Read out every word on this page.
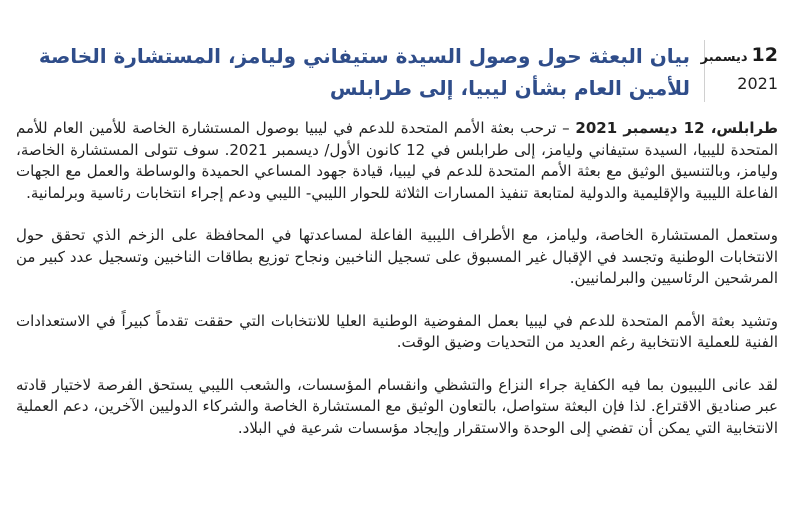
12
ديسمبر
2021
بيان البعثة حول وصول السيدة ستيفاني وليامز، المستشارة الخاصة للأمين العام بشأن ليبيا، إلى طرابلس

طرابلس، 12 ديسمبر 2021 – ترحب بعثة الأمم المتحدة للدعم في ليبيا بوصول المستشارة الخاصة للأمين العام للأمم المتحدة لليبيا، السيدة ستيفاني وليامز، إلى طرابلس في 12 كانون الأول/ ديسمبر 2021. سوف تتولى المستشارة الخاصة، وليامز، وبالتنسيق الوثيق مع بعثة الأمم المتحدة للدعم في ليبيا، قيادة جهود المساعي الحميدة والوساطة والعمل مع الجهات الفاعلة الليبية والإقليمية والدولية لمتابعة تنفيذ المسارات الثلاثة للحوار الليبي- الليبي ودعم إجراء انتخابات رئاسية وبرلمانية.

وستعمل المستشارة الخاصة، وليامز، مع الأطراف الليبية الفاعلة لمساعدتها في المحافظة على الزخم الذي تحقق حول الانتخابات الوطنية وتجسد في الإقبال غير المسبوق على تسجيل الناخبين ونجاح توزيع بطاقات الناخبين وتسجيل عدد كبير من المرشحين الرئاسيين والبرلمانيين.

وتشيد بعثة الأمم المتحدة للدعم في ليبيا بعمل المفوضية الوطنية العليا للانتخابات التي حققت تقدماً كبيراً في الاستعدادات الفنية للعملية الانتخابية رغم العديد من التحديات وضيق الوقت.

لقد عانى الليبيون بما فيه الكفاية جراء النزاع والتشظي وانقسام المؤسسات، والشعب الليبي يستحق الفرصة لاختيار قادته عبر صناديق الاقتراع. لذا فإن البعثة ستواصل، بالتعاون الوثيق مع المستشارة الخاصة والشركاء الدوليين الآخرين، دعم العملية الانتخابية التي يمكن أن تفضي إلى الوحدة والاستقرار وإيجاد مؤسسات شرعية في البلاد.
